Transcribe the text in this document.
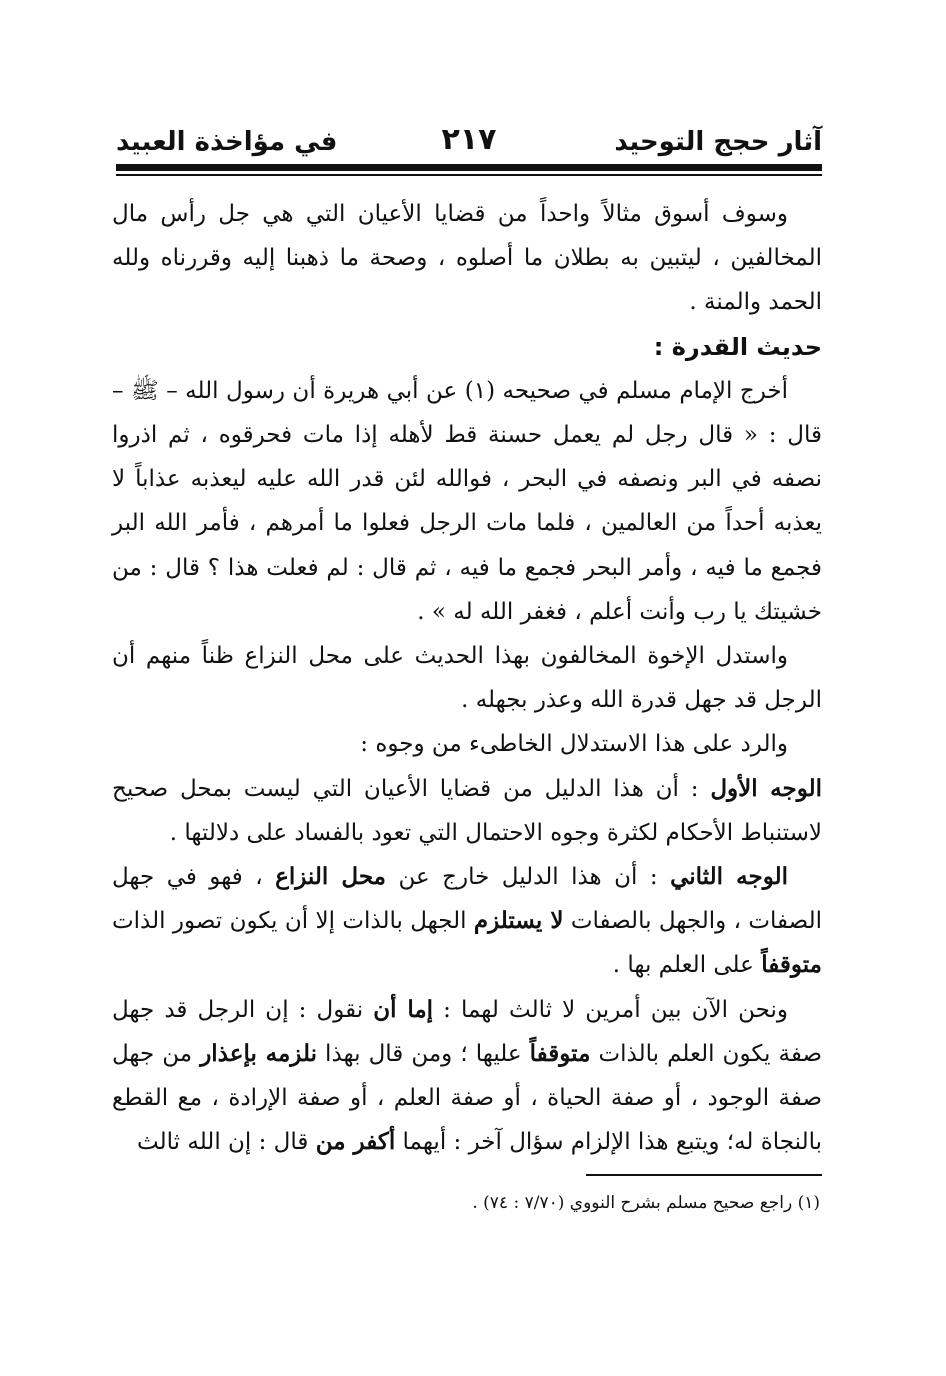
آثار حجج التوحيد
٢١٧
في مؤاخذة العبيد

وسوف أسوق مثالاً واحداً من قضايا الأعيان التي هي جل رأس مال المخالفين ، ليتبين به بطلان ما أصلوه ، وصحة ما ذهبنا إليه وقررناه ولله الحمد والمنة .

حديث القدرة :

أخرج الإمام مسلم في صحيحه (١) عن أبي هريرة أن رسول الله – ﷺ – قال : « قال رجل لم يعمل حسنة قط لأهله إذا مات فحرقوه ، ثم اذروا نصفه في البر ونصفه في البحر ، فوالله لئن قدر الله عليه ليعذبه عذاباً لا يعذبه أحداً من العالمين ، فلما مات الرجل فعلوا ما أمرهم ، فأمر الله البر فجمع ما فيه ، وأمر البحر فجمع ما فيه ، ثم قال : لم فعلت هذا ؟ قال : من خشيتك يا رب وأنت أعلم ، فغفر الله له » .

واستدل الإخوة المخالفون بهذا الحديث على محل النزاع ظناً منهم أن الرجل قد جهل قدرة الله وعذر بجهله .

والرد على هذا الاستدلال الخاطىء من وجوه :

الوجه الأول : أن هذا الدليل من قضايا الأعيان التي ليست بمحل صحيح لاستنباط الأحكام لكثرة وجوه الاحتمال التي تعود بالفساد على دلالتها .

الوجه الثاني : أن هذا الدليل خارج عن محل النزاع ، فهو في جهل الصفات ، والجهل بالصفات لا يستلزم الجهل بالذات إلا أن يكون تصور الذات متوقفاً على العلم بها .

ونحن الآن بين أمرين لا ثالث لهما : إما أن نقول : إن الرجل قد جهل صفة يكون العلم بالذات متوقفاً عليها ؛ ومن قال بهذا نلزمه بإعذار من جهل صفة الوجود ، أو صفة الحياة ، أو صفة العلم ، أو صفة الإرادة ، مع القطع بالنجاة له؛ ويتبع هذا الإلزام سؤال آخر : أيهما أكفر من قال : إن الله ثالث

(١) راجع صحيح مسلم بشرح النووي (٧/٧٠ : ٧٤) .
